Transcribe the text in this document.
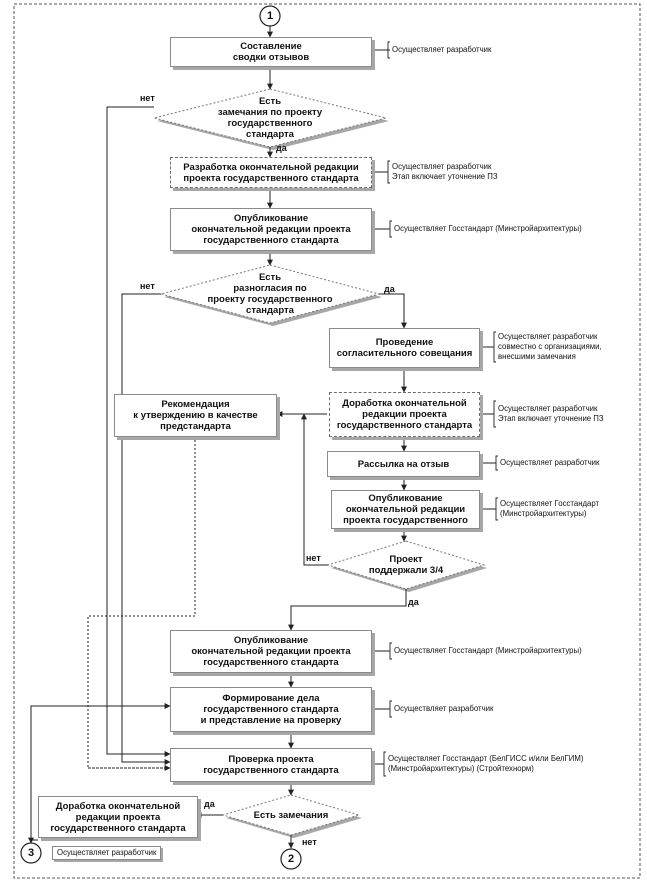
1
2
3
Составление
сводки отзывов
Есть
замечания по проекту
государственного
стандарта
Разработка окончательной редакции
проекта государственного стандарта
Опубликование
окончательной редакции проекта
государственного стандарта
Есть
разногласия по
проекту государственного
стандарта
Проведение
согласительного совещания
Рекомендация
к утверждению в качестве
предстандарта
Доработка окончательной
редакции проекта
государственного стандарта
Рассылка на отзыв
Опубликование
окончательной редакции
проекта государственного
Проект
поддержали 3/4
Опубликование
окончательной редакции проекта
государственного стандарта
Формирование дела
государственного стандарта
и представление на проверку
Проверка проекта
государственного стандарта
Есть замечания
Доработка окончательной
редакции проекта
государственного стандарта
Осуществляет разработчик
Осуществляет разработчик
Этап включает уточнение ПЗ
Осуществляет Госстандарт (Минстройархитектуры)
Осуществляет разработчик
совместно с организациями,
внесшими замечания
Осуществляет разработчик
Этап включает уточнение ПЗ
Осуществляет разработчик
Осуществляет Госстандарт
(Минстройархитектуры)
Осуществляет Госстандарт (Минстройархитектуры)
Осуществляет разработчик
Осуществляет Госстандарт (БелГИСС и/или БелГИМ)
(Минстройархитектуры) (Стройтехнорм)
Осуществляет разработчик
нет
да
нет	да
нет
да
да
нет
